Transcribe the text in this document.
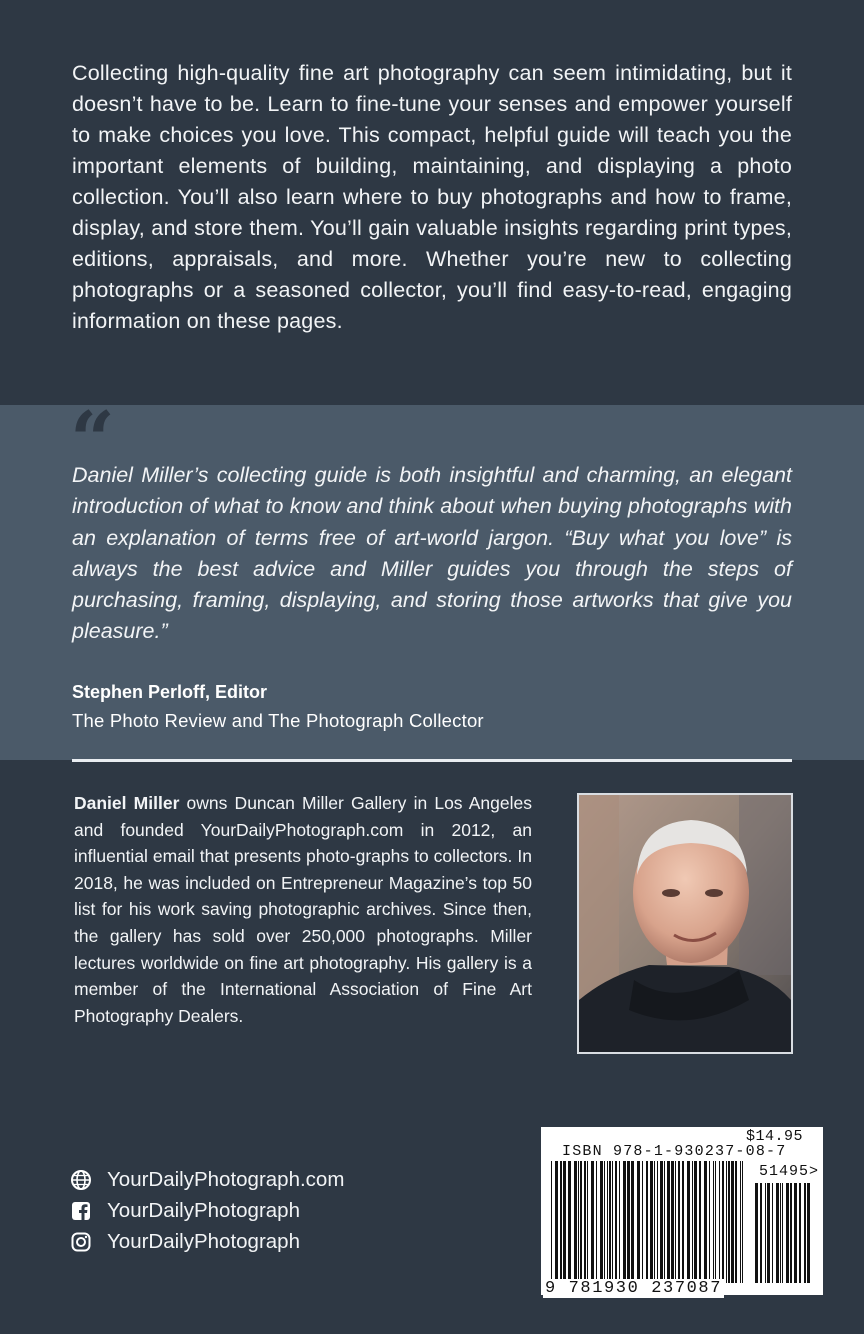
Collecting high-quality fine art photography can seem intimidating, but it doesn’t have to be. Learn to fine-tune your senses and empower yourself to make choices you love. This compact, helpful guide will teach you the important elements of building, maintaining, and displaying a photo collection. You’ll also learn where to buy photographs and how to frame, display, and store them. You’ll gain valuable insights regarding print types, editions, appraisals, and more. Whether you’re new to collecting photographs or a seasoned collector, you’ll find easy-to-read, engaging information on these pages.
“
Daniel Miller’s collecting guide is both insightful and charming, an elegant introduction of what to know and think about when buying photographs with an explanation of terms free of art-world jargon. “Buy what you love” is always the best advice and Miller guides you through the steps of purchasing, framing, displaying, and storing those artworks that give you pleasure.”
Stephen Perloff, Editor
The Photo Review and The Photograph Collector
Daniel Miller owns Duncan Miller Gallery in Los Angeles and founded YourDailyPhotograph.com in 2012, an influential email that presents photo-graphs to collectors. In 2018, he was included on Entrepreneur Magazine’s top 50 list for his work saving photographic archives. Since then, the gallery has sold over 250,000 photographs. Miller lectures worldwide on fine art photography. His gallery is a member of the International Association of Fine Art Photography Dealers.
YourDailyPhotograph.com
YourDailyPhotograph
YourDailyPhotograph
$14.95
ISBN 978-1-930237-08-7
51495>
9 781930 237087
